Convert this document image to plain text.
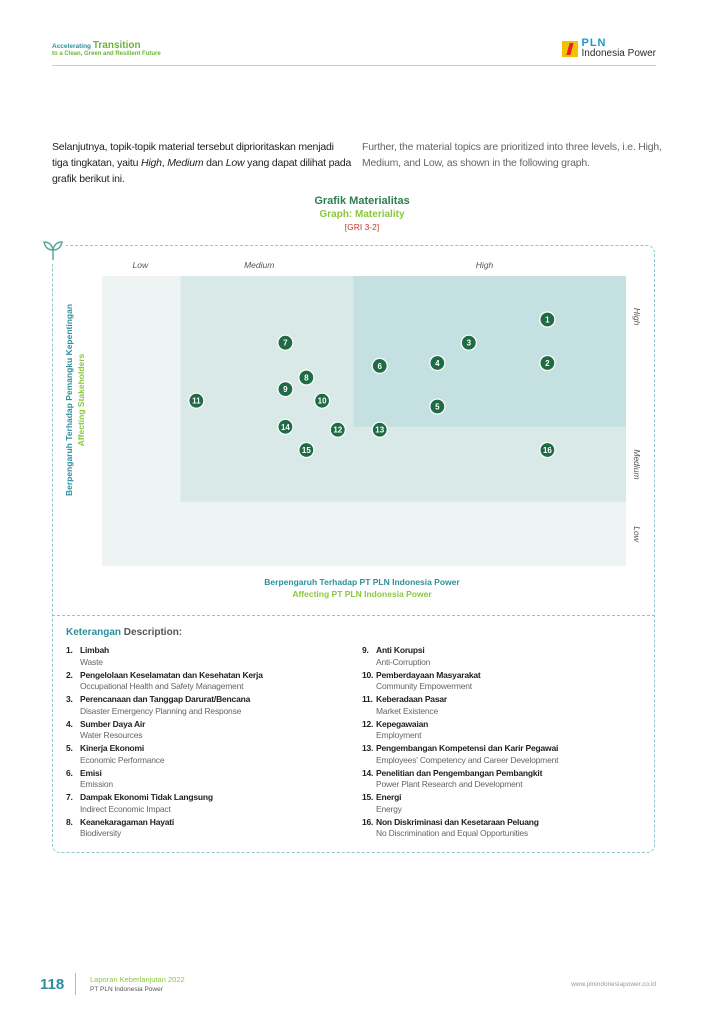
Accelerating Transition
to a Clean, Green and Resilient Future
PLN
Indonesia Power
Selanjutnya, topik-topik material tersebut diprioritaskan menjadi tiga tingkatan, yaitu High, Medium dan Low yang dapat dilihat pada grafik berikut ini.
Further, the material topics are prioritized into three levels, i.e. High, Medium, and Low, as shown in the following graph.
Grafik Materialitas
Graph: Materiality
[GRI 3-2]
Low	Medium	High
Low
Medium
High
1
2
3
4
5
6
7
8
9
10
11
12	13
14
15	16
Berpengaruh Terhadap Pemangku Kepentingan Affecting Stakeholders
Berpengaruh Terhadap PT PLN Indonesia Power
Affecting PT PLN Indonesia Power
Keterangan Description:
1. Limbah
Waste
2. Pengelolaan Keselamatan dan Kesehatan Kerja
Occupational Health and Safety Management
3. Perencanaan dan Tanggap Darurat/Bencana
Disaster Emergency Planning and Response
4. Sumber Daya Air
Water Resources
5. Kinerja Ekonomi
Economic Performance
6. Emisi
Emission
7. Dampak Ekonomi Tidak Langsung
Indirect Economic Impact
8. Keanekaragaman Hayati
Biodiversity
9. Anti Korupsi
Anti-Corruption
10. Pemberdayaan Masyarakat
Community Empowerment
11. Keberadaan Pasar
Market Existence
12. Kepegawaian
Employment
13. Pengembangan Kompetensi dan Karir Pegawai
Employees' Competency and Career Development
14. Penelitian dan Pengembangan Pembangkit
Power Plant Research and Development
15. Energi
Energy
16. Non Diskriminasi dan Kesetaraan Peluang
No Discrimination and Equal Opportunities
118	Laporan Keberlanjutan 2022
PT PLN Indonesia Power
www.plnindonesiapower.co.id
